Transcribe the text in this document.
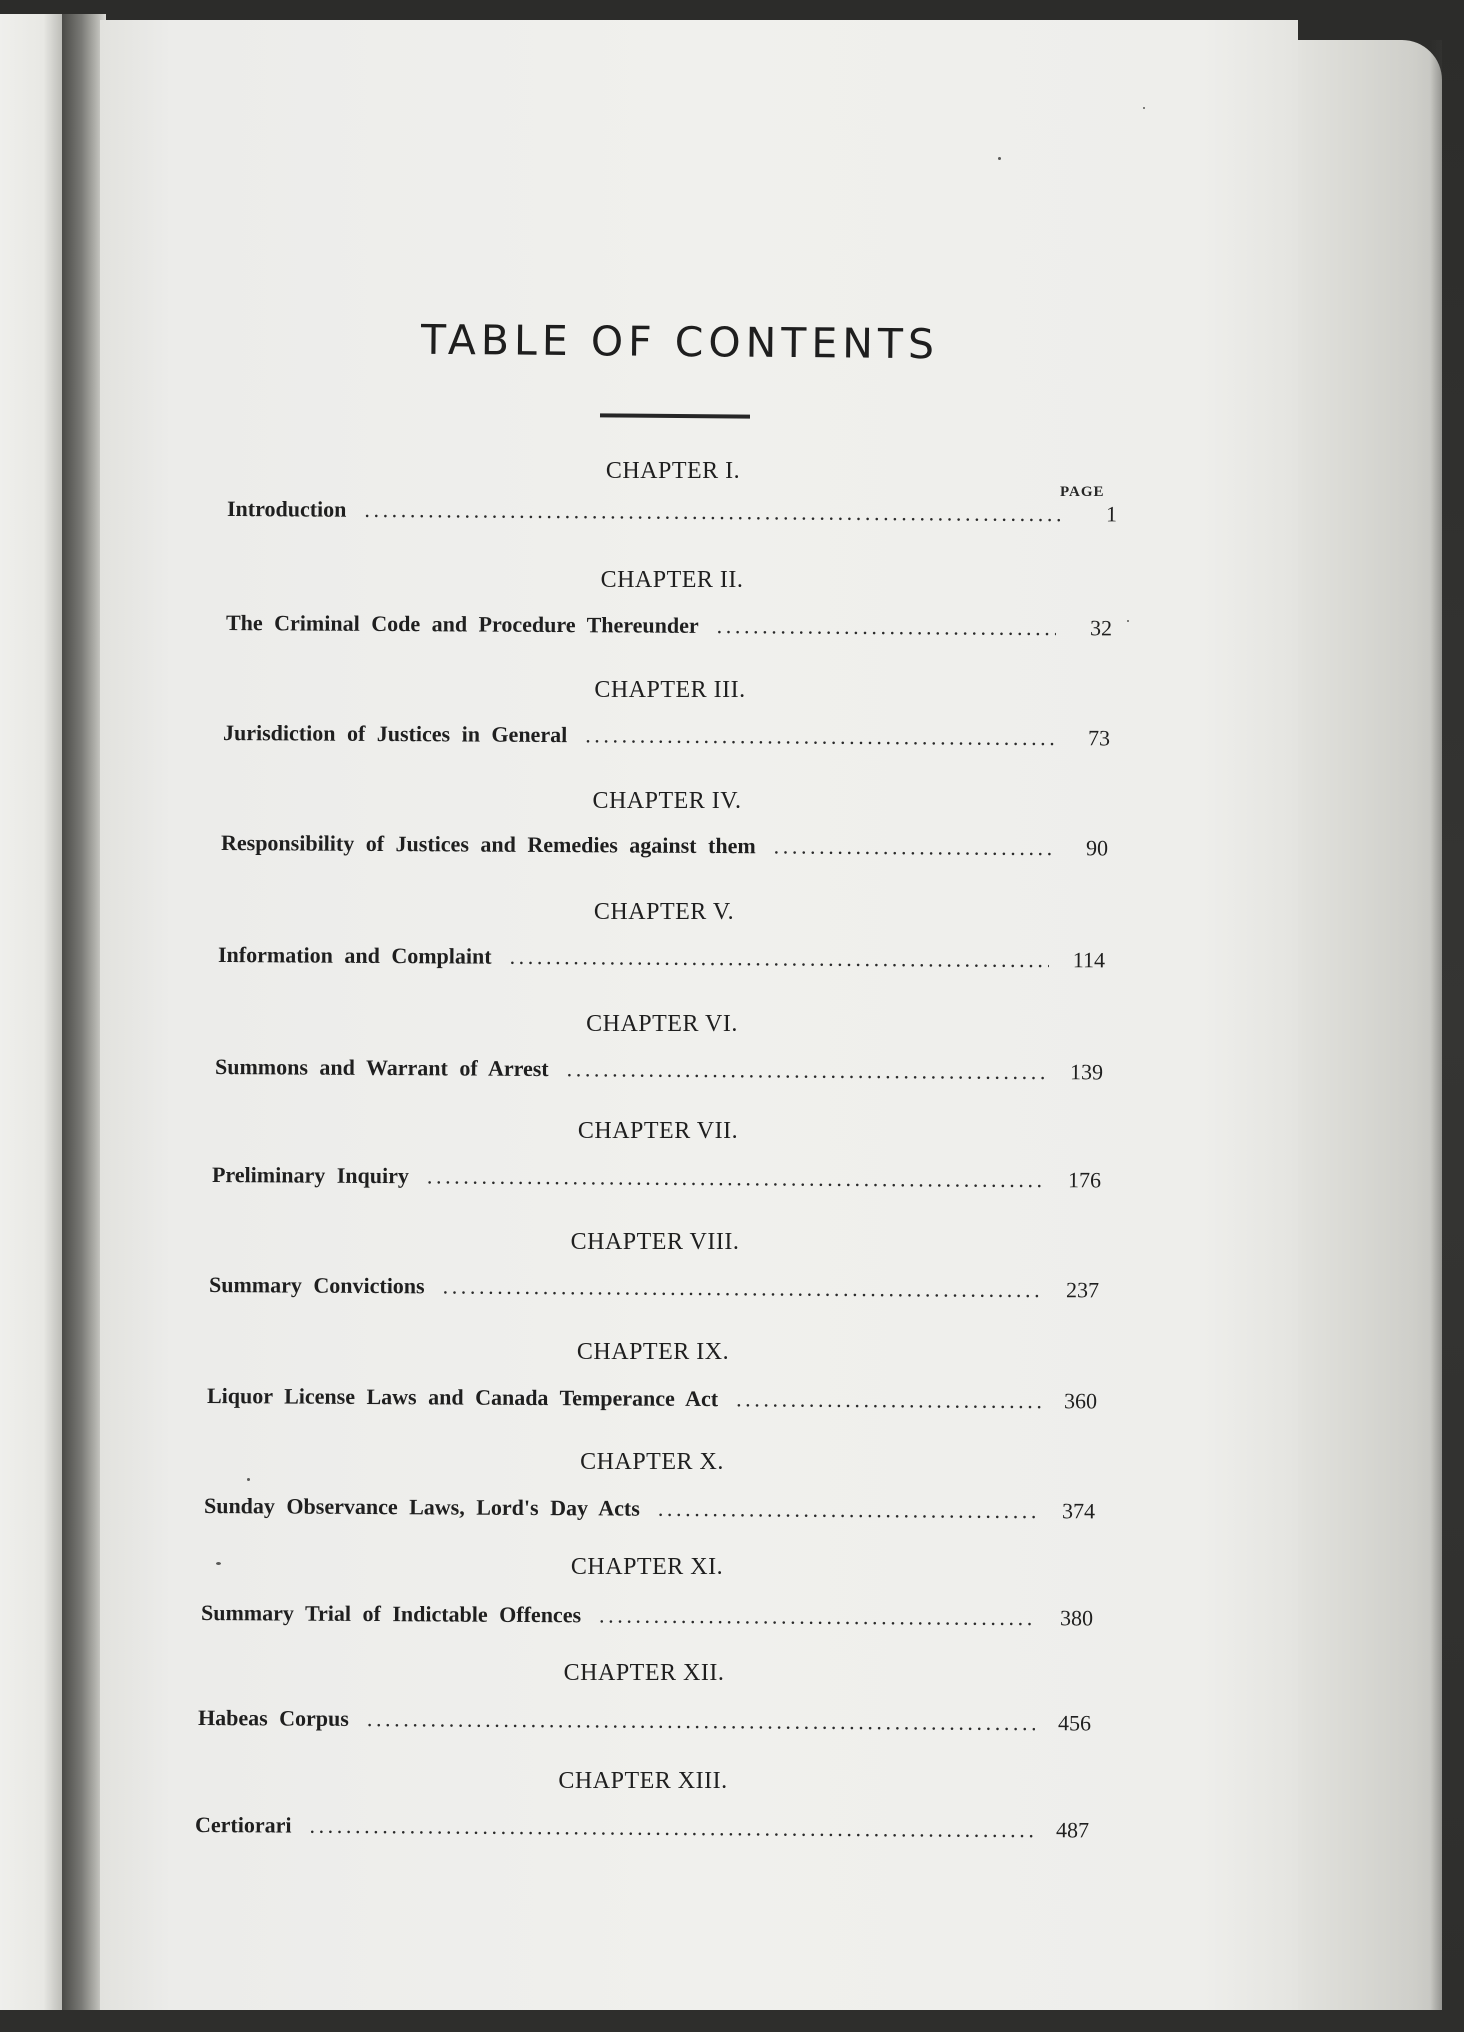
TABLE OF CONTENTS
PAGE
CHAPTER I.
Introduction .....	1
CHAPTER II.
The Criminal Code and Procedure Thereunder .....	32
CHAPTER III.
Jurisdiction of Justices in General .....	73
CHAPTER IV.
Responsibility of Justices and Remedies against them .....	90
CHAPTER V.
Information and Complaint .....	114
CHAPTER VI.
Summons and Warrant of Arrest .....	139
CHAPTER VII.
Preliminary Inquiry .....	176
CHAPTER VIII.
Summary Convictions .....	237
CHAPTER IX.
Liquor License Laws and Canada Temperance Act .....	360
CHAPTER X.
Sunday Observance Laws, Lord's Day Acts .....	374
CHAPTER XI.
Summary Trial of Indictable Offences .....	380
CHAPTER XII.
Habeas Corpus .....	456
CHAPTER XIII.
Certiorari .....	487
